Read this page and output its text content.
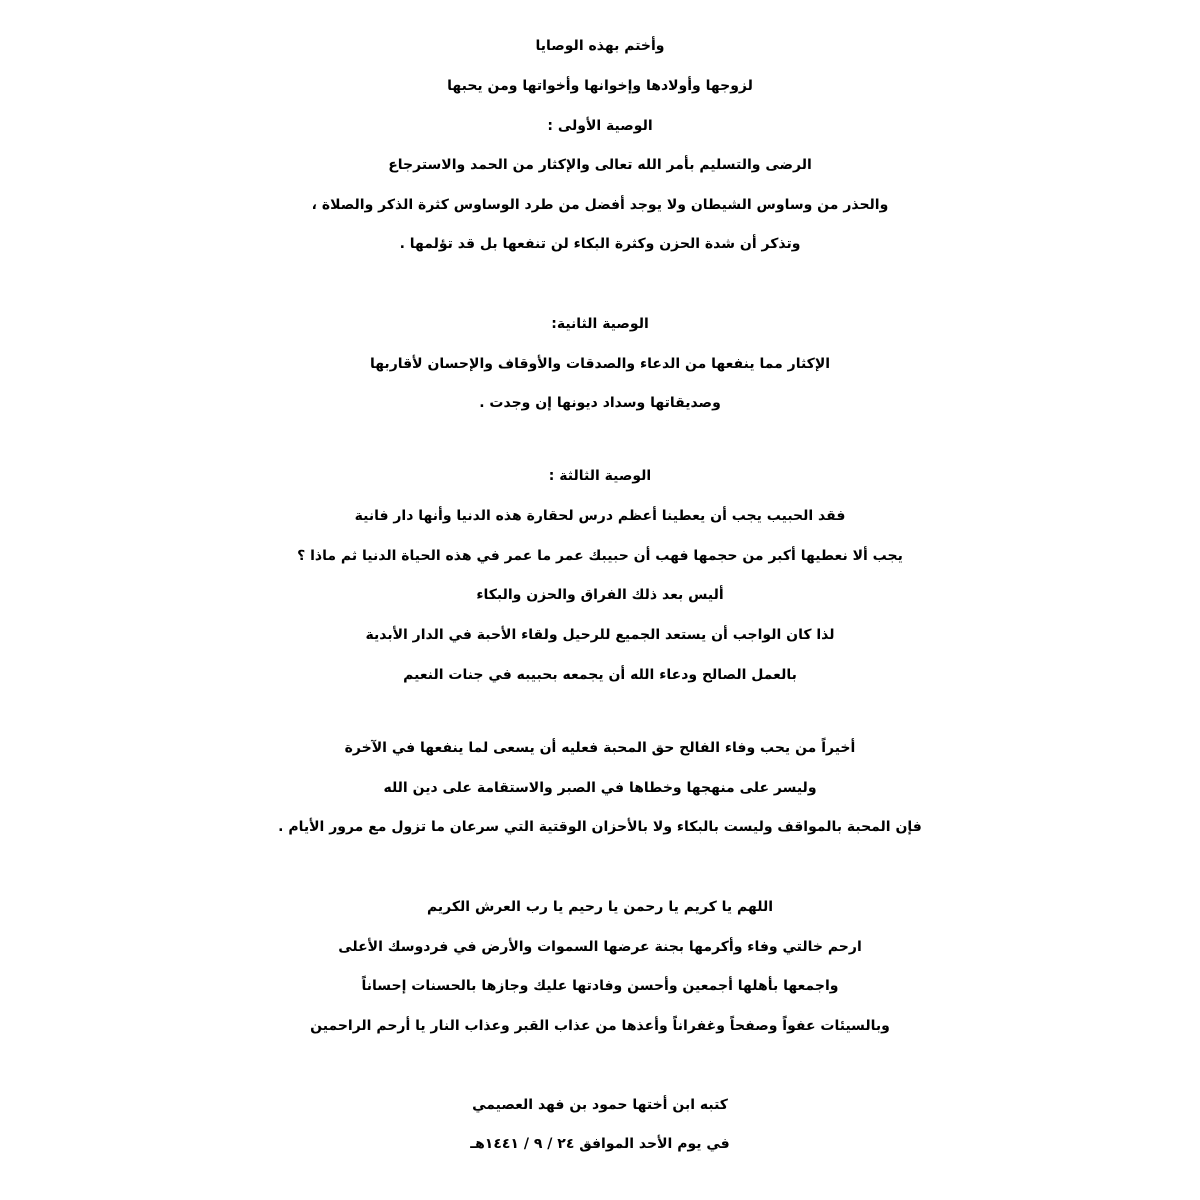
وأختم بهذه الوصايا
لزوجها وأولادها وإخوانها وأخواتها ومن يحبها
الوصية الأولى :
الرضى والتسليم بأمر الله تعالى والإكثار من الحمد والاسترجاع
والحذر من وساوس الشيطان ولا يوجد أفضل من طرد الوساوس كثرة الذكر والصلاة ،
وتذكر أن شدة الحزن وكثرة البكاء لن تنفعها بل قد تؤلمها .
الوصية الثانية:
الإكثار مما ينفعها من الدعاء والصدقات والأوقاف والإحسان لأقاربها
وصديقاتها وسداد ديونها إن وجدت .
الوصية الثالثة :
فقد الحبيب يجب أن يعطينا أعظم درس لحقارة هذه الدنيا وأنها دار فانية
يجب ألا نعطيها أكبر من حجمها فهب أن حبيبك عمر ما عمر في هذه الحياة الدنيا ثم ماذا ؟
أليس بعد ذلك الفراق والحزن والبكاء
لذا كان الواجب أن يستعد الجميع للرحيل ولقاء الأحبة في الدار الأبدية
بالعمل الصالح ودعاء الله أن يجمعه بحبيبه في جنات النعيم
أخيراً من يحب وفاء الفالح حق المحبة فعليه أن يسعى لما ينفعها في الآخرة
وليسر على منهجها وخطاها في الصبر والاستقامة على دين الله
فإن المحبة بالمواقف وليست بالبكاء ولا بالأحزان الوقتية التي سرعان ما تزول مع مرور الأيام .
اللهم يا كريم يا رحمن يا رحيم يا رب العرش الكريم
ارحم خالتي وفاء وأكرمها بجنة عرضها السموات والأرض في فردوسك الأعلى
واجمعها بأهلها أجمعين وأحسن وفادتها عليك وجازها بالحسنات إحساناً
وبالسيئات عفواً وصفحاً وغفراناً وأعذها من عذاب القبر وعذاب النار يا أرحم الراحمين
كتبه ابن أختها حمود بن فهد العصيمي
في يوم الأحد الموافق ٢٤ / ٩ / ١٤٤١هـ
